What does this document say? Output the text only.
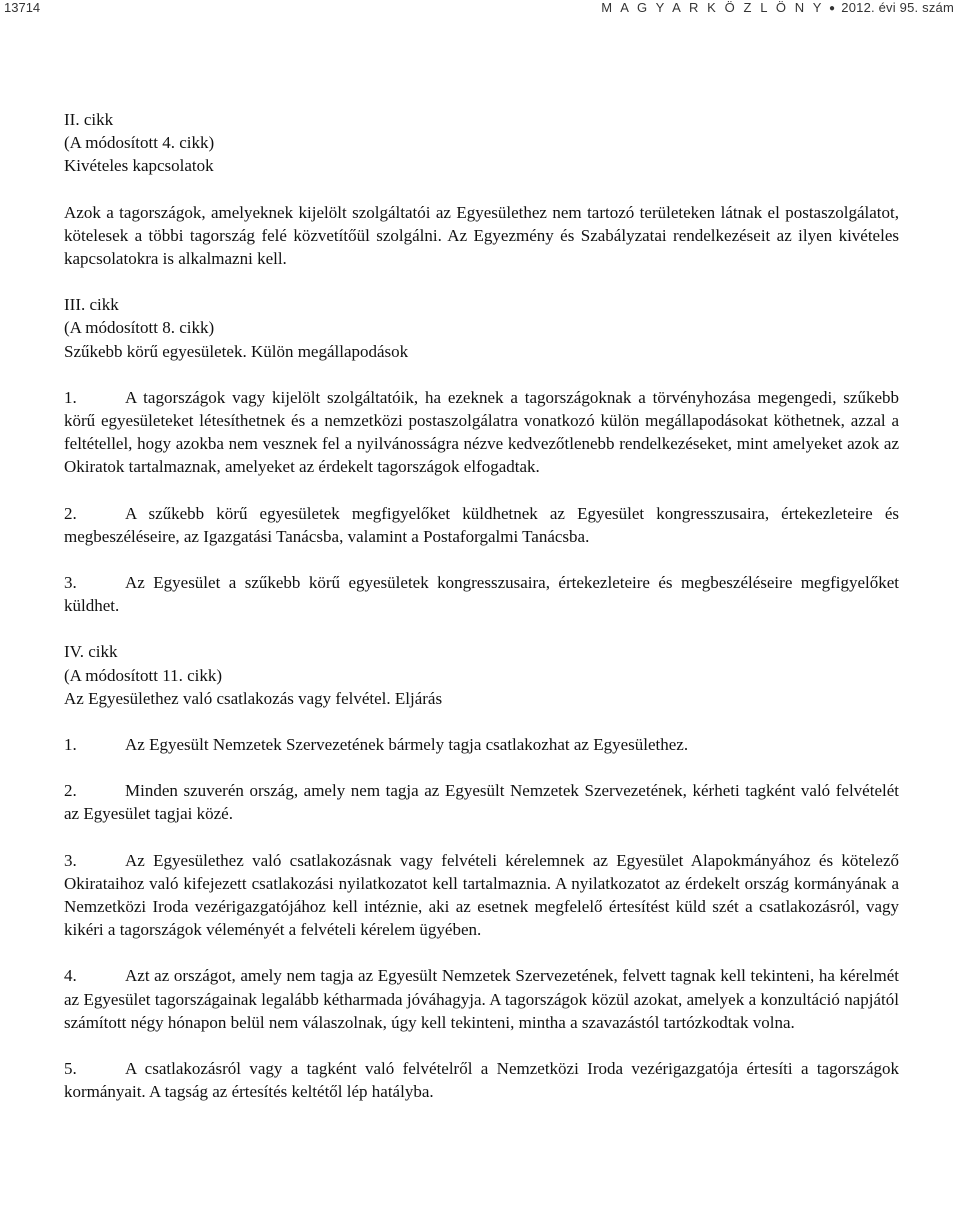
13714	M A G Y A R K Ö Z L Ö N Y ● 2012. évi 95. szám

II. cikk

(A módosított 4. cikk)

Kivételes kapcsolatok

Azok a tagországok, amelyeknek kijelölt szolgáltatói az Egyesülethez nem tartozó területeken látnak el postaszolgálatot, kötelesek a többi tagország felé közvetítőül szolgálni. Az Egyezmény és Szabályzatai rendelkezéseit az ilyen kivételes kapcsolatokra is alkalmazni kell.

III. cikk

(A módosított 8. cikk)

Szűkebb körű egyesületek. Külön megállapodások

1.	A tagországok vagy kijelölt szolgáltatóik, ha ezeknek a tagországoknak a törvényhozása megengedi, szűkebb körű egyesületeket létesíthetnek és a nemzetközi postaszolgálatra vonatkozó külön megállapodásokat köthetnek, azzal a feltétellel, hogy azokba nem vesznek fel a nyilvánosságra nézve kedvezőtlenebb rendelkezéseket, mint amelyeket azok az Okiratok tartalmaznak, amelyeket az érdekelt tagországok elfogadtak.

2.	A szűkebb körű egyesületek megfigyelőket küldhetnek az Egyesület kongresszusaira, értekezleteire és megbeszéléseire, az Igazgatási Tanácsba, valamint a Postaforgalmi Tanácsba.

3.	Az Egyesület a szűkebb körű egyesületek kongresszusaira, értekezleteire és megbeszéléseire megfigyelőket küldhet.

IV. cikk

(A módosított 11. cikk)

Az Egyesülethez való csatlakozás vagy felvétel. Eljárás

1.	Az Egyesült Nemzetek Szervezetének bármely tagja csatlakozhat az Egyesülethez.

2.	Minden szuverén ország, amely nem tagja az Egyesült Nemzetek Szervezetének, kérheti tagként való felvételét az Egyesület tagjai közé.

3.	Az Egyesülethez való csatlakozásnak vagy felvételi kérelemnek az Egyesület Alapokmányához és kötelező Okirataihoz való kifejezett csatlakozási nyilatkozatot kell tartalmaznia. A nyilatkozatot az érdekelt ország kormányának a Nemzetközi Iroda vezérigazgatójához kell intéznie, aki az esetnek megfelelő értesítést küld szét a csatlakozásról, vagy kikéri a tagországok véleményét a felvételi kérelem ügyében.

4.	Azt az országot, amely nem tagja az Egyesült Nemzetek Szervezetének, felvett tagnak kell tekinteni, ha kérelmét az Egyesület tagországainak legalább kétharmada jóváhagyja. A tagországok közül azokat, amelyek a konzultáció napjától számított négy hónapon belül nem válaszolnak, úgy kell tekinteni, mintha a szavazástól tartózkodtak volna.

5.	A csatlakozásról vagy a tagként való felvételről a Nemzetközi Iroda vezérigazgatója értesíti a tagországok kormányait. A tagság az értesítés keltétől lép hatályba.
